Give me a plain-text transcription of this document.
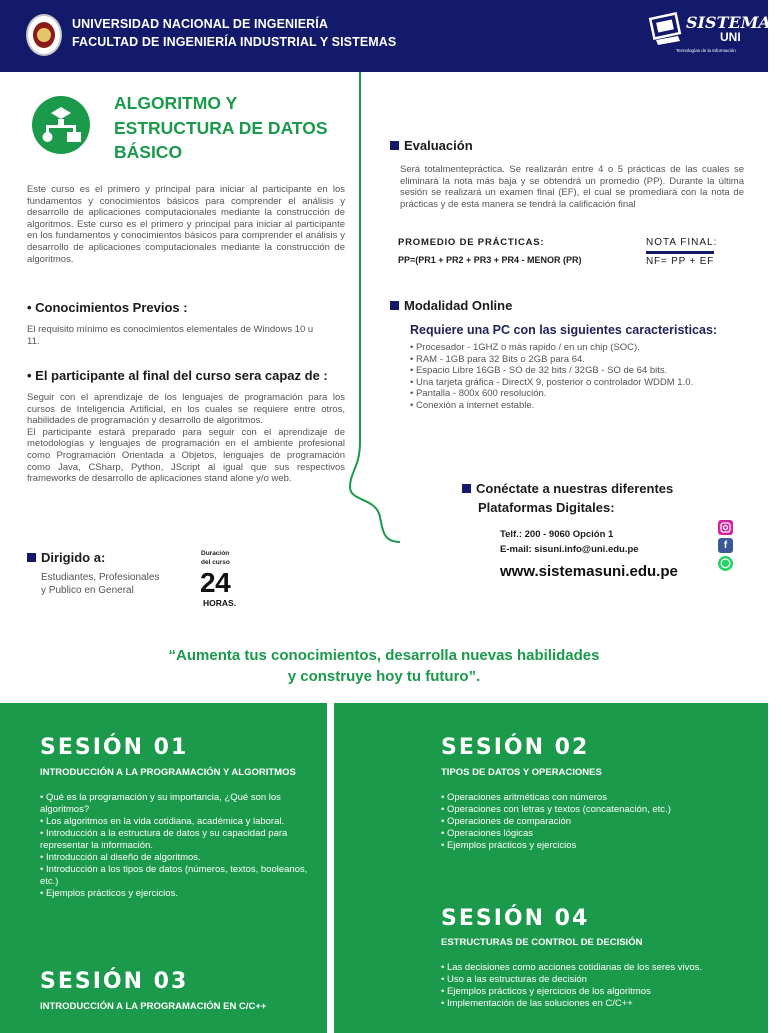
UNIVERSIDAD NACIONAL DE INGENIERÍA
FACULTAD DE INGENIERÍA INDUSTRIAL Y SISTEMAS
SISTEMAS
UNI
Tecnologías de la Información
ALGORITMO Y
ESTRUCTURA DE DATOS
BÁSICO
Este curso es el primero y principal para iniciar al participante en los fundamentos y conocimientos básicos para comprender el análisis y desarrollo de aplicaciones computacionales mediante la construcción de algoritmos. Este curso es el primero y principal para iniciar al participante en los fundamentos y conocimientos básicos para comprender el análisis y desarrollo de aplicaciones computacionales mediante la construcción de algoritmos.
• Conocimientos Previos :
El requisito mínimo es conocimientos elementales de Windows 10 u 11.
• El participante al final del curso sera capaz de :
Seguir con el aprendizaje de los lenguajes de programación para los cursos de Inteligencia Artificial, en los cuales se requiere entre otros, habilidades de programación y desarrollo de algoritmos.
El participante estará preparado para seguir con el aprendizaje de metodologías y lenguajes de programación en el ambiente profesional como Programación Orientada a Objetos, lenguajes de programación como Java, CSharp, Python, JScript al igual que sus respectivos frameworks de desarrollo de aplicaciones stand alone y/o web.
Dirigido a:
Estudiantes, Profesionales
y Publico en General
Duración
del curso
24
HORAS.
Evaluación
Será totalmentepráctica. Se realizarán entre 4 o 5 prácticas de las cuales se eliminará la nota más baja y se obtendrá un promedio (PP). Durante la última sesión se realizará un examen final (EF), el cual se promediará con la nota de prácticas y de esta manera se tendrá la calificación final
PROMEDIO DE PRÁCTICAS:
PP=(PR1 + PR2 + PR3 + PR4 - MENOR (PR)
NOTA FINAL:
NF= PP + EF
Modalidad Online
Requiere una PC con las siguientes caracteristicas:
• Procesador - 1GHZ o más rapido / en un chip (SOC).
• RAM - 1GB para 32 Bits o 2GB para 64.
• Espacio Libre 16GB - SO de 32 bits / 32GB - SO de 64 bits.
• Una tarjeta gráfica - DirectX 9, posterior o controlador WDDM 1.0.
• Pantalla - 800x 600 resolución.
• Conexión a internet estable.
Conéctate a nuestras diferentes
Plataformas Digitales:
Telf.: 200 - 9060 Opción 1
E-mail: sisuni.info@uni.edu.pe
www.sistemasuni.edu.pe
f
“Aumenta tus conocimientos, desarrolla nuevas habilidades
y construye hoy tu futuro”.
SESIÓN 01
INTRODUCCIÓN A LA PROGRAMACIÓN Y ALGORITMOS
• Qué es la programación y su importancia, ¿Qué son los algoritmos?
• Los algoritmos en la vida cotidiana, académica y laboral.
• Introducción a la estructura de datos y su capacidad para representar la información.
• Introducción al diseño de algoritmos.
• Introducción a los tipos de datos (números, textos, booleanos, etc.)
• Ejemplos prácticos y ejercicios.
SESIÓN 03
INTRODUCCIÓN A LA PROGRAMACIÓN EN C/C++
SESIÓN 02
TIPOS DE DATOS Y OPERACIONES
• Operaciones aritméticas con números
• Operaciones con letras y textos (concatenación, etc.)
• Operaciones de comparación
• Operaciones lógicas
• Ejemplos prácticos y ejercicios
SESIÓN 04
ESTRUCTURAS DE CONTROL DE DECISIÓN
• Las decisiones como acciones cotidianas de los seres vivos.
• Uso a las estructuras de decisión
• Ejemplos prácticos y ejercicios de los algoritmos
• Implementación de las soluciones en C/C++
